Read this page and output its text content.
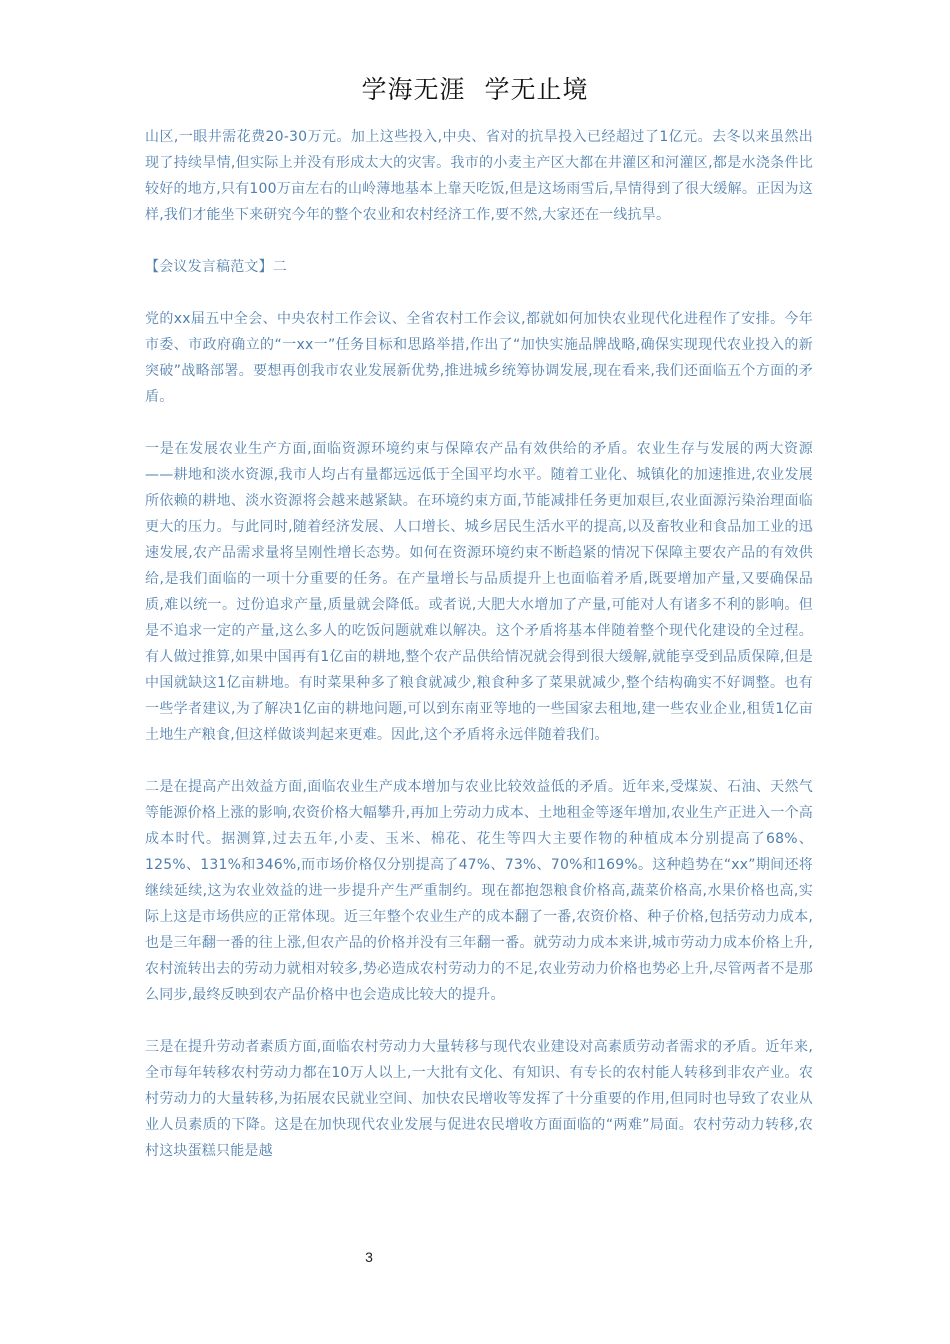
学海无涯 学无止境

山区,一眼井需花费20-30万元。加上这些投入,中央、省对的抗旱投入已经超过了1亿元。去冬以来虽然出现了持续旱情,但实际上并没有形成太大的灾害。我市的小麦主产区大都在井灌区和河灌区,都是水浇条件比较好的地方,只有100万亩左右的山岭薄地基本上靠天吃饭,但是这场雨雪后,旱情得到了很大缓解。正因为这样,我们才能坐下来研究今年的整个农业和农村经济工作,要不然,大家还在一线抗旱。

【会议发言稿范文】二

党的xx届五中全会、中央农村工作会议、全省农村工作会议,都就如何加快农业现代化进程作了安排。今年市委、市政府确立的“一xx一”任务目标和思路举措,作出了“加快实施品牌战略,确保实现现代农业投入的新突破”战略部署。要想再创我市农业发展新优势,推进城乡统筹协调发展,现在看来,我们还面临五个方面的矛盾。

一是在发展农业生产方面,面临资源环境约束与保障农产品有效供给的矛盾。农业生存与发展的两大资源——耕地和淡水资源,我市人均占有量都远远低于全国平均水平。随着工业化、城镇化的加速推进,农业发展所依赖的耕地、淡水资源将会越来越紧缺。在环境约束方面,节能减排任务更加艰巨,农业面源污染治理面临更大的压力。与此同时,随着经济发展、人口增长、城乡居民生活水平的提高,以及畜牧业和食品加工业的迅速发展,农产品需求量将呈刚性增长态势。如何在资源环境约束不断趋紧的情况下保障主要农产品的有效供给,是我们面临的一项十分重要的任务。在产量增长与品质提升上也面临着矛盾,既要增加产量,又要确保品质,难以统一。过份追求产量,质量就会降低。或者说,大肥大水增加了产量,可能对人有诸多不利的影响。但是不追求一定的产量,这么多人的吃饭问题就难以解决。这个矛盾将基本伴随着整个现代化建设的全过程。有人做过推算,如果中国再有1亿亩的耕地,整个农产品供给情况就会得到很大缓解,就能享受到品质保障,但是中国就缺这1亿亩耕地。有时菜果种多了粮食就减少,粮食种多了菜果就减少,整个结构确实不好调整。也有一些学者建议,为了解决1亿亩的耕地问题,可以到东南亚等地的一些国家去租地,建一些农业企业,租赁1亿亩土地生产粮食,但这样做谈判起来更难。因此,这个矛盾将永远伴随着我们。

二是在提高产出效益方面,面临农业生产成本增加与农业比较效益低的矛盾。近年来,受煤炭、石油、天然气等能源价格上涨的影响,农资价格大幅攀升,再加上劳动力成本、土地租金等逐年增加,农业生产正进入一个高成本时代。据测算,过去五年,小麦、玉米、棉花、花生等四大主要作物的种植成本分别提高了68%、125%、131%和346%,而市场价格仅分别提高了47%、73%、70%和169%。这种趋势在“xx”期间还将继续延续,这为农业效益的进一步提升产生严重制约。现在都抱怨粮食价格高,蔬菜价格高,水果价格也高,实际上这是市场供应的正常体现。近三年整个农业生产的成本翻了一番,农资价格、种子价格,包括劳动力成本,也是三年翻一番的往上涨,但农产品的价格并没有三年翻一番。就劳动力成本来讲,城市劳动力成本价格上升,农村流转出去的劳动力就相对较多,势必造成农村劳动力的不足,农业劳动力价格也势必上升,尽管两者不是那么同步,最终反映到农产品价格中也会造成比较大的提升。

三是在提升劳动者素质方面,面临农村劳动力大量转移与现代农业建设对高素质劳动者需求的矛盾。近年来,全市每年转移农村劳动力都在10万人以上,一大批有文化、有知识、有专长的农村能人转移到非农产业。农村劳动力的大量转移,为拓展农民就业空间、加快农民增收等发挥了十分重要的作用,但同时也导致了农业从业人员素质的下降。这是在加快现代农业发展与促进农民增收方面面临的“两难”局面。农村劳动力转移,农村这块蛋糕只能是越

3
